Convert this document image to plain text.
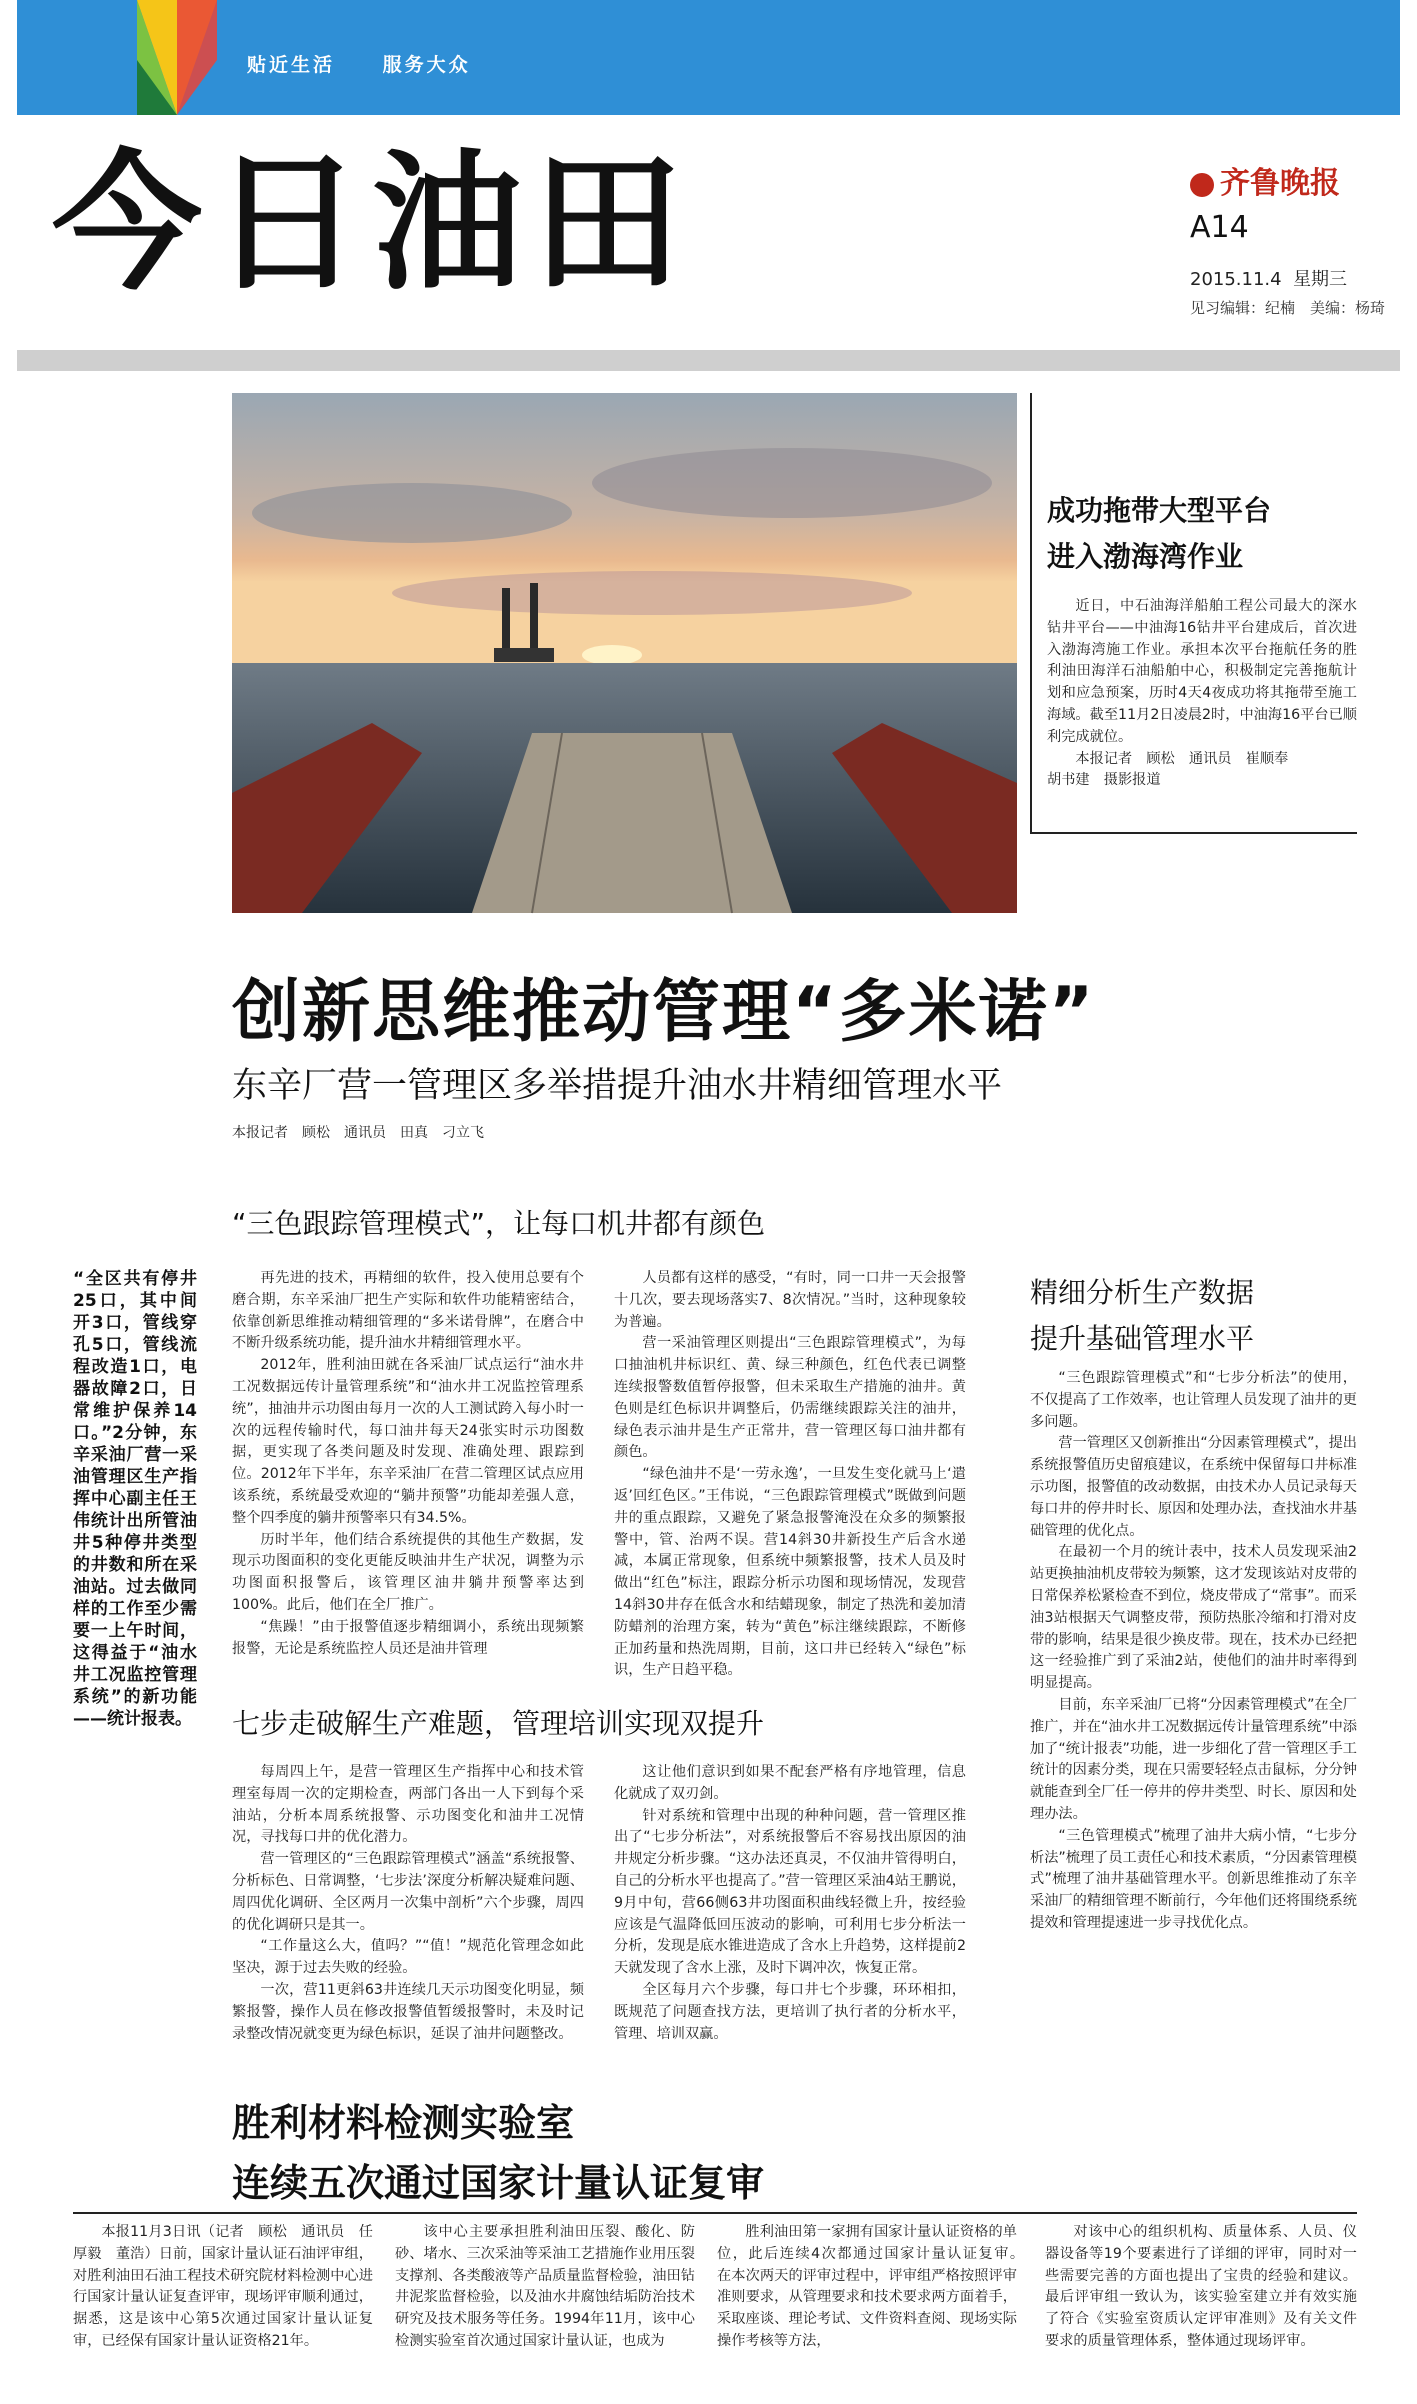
贴近生活	服务大众
今日油田	齐鲁晚报
A14
2015.11.4 星期三
见习编辑：纪楠　美编：杨琦
成功拖带大型平台
进入渤海湾作业

近日，中石油海洋船舶工程公司最大的深水钻井平台——中油海16钻井平台建成后，首次进入渤海湾施工作业。承担本次平台拖航任务的胜利油田海洋石油船舶中心，积极制定完善拖航计划和应急预案，历时4天4夜成功将其拖带至施工海域。截至11月2日凌晨2时，中油海16平台已顺利完成就位。

本报记者　顾松　通讯员　崔顺奉

胡书建　摄影报道
创新思维推动管理“多米诺”
东辛厂营一管理区多举措提升油水井精细管理水平
本报记者　顾松　通讯员　田真　刁立飞
“三色跟踪管理模式”，让每口机井都有颜色
“全区共有停井25口，其中间开3口，管线穿孔5口，管线流程改造1口，电器故障2口，日常维护保养14口。”2分钟，东辛采油厂营一采油管理区生产指挥中心副主任王伟统计出所管油井5种停井类型的井数和所在采油站。过去做同样的工作至少需要一上午时间，这得益于“油水井工况监控管理系统”的新功能——统计报表。

再先进的技术，再精细的软件，投入使用总要有个磨合期，东辛采油厂把生产实际和软件功能精密结合，依靠创新思维推动精细管理的“多米诺骨牌”，在磨合中不断升级系统功能，提升油水井精细管理水平。

2012年，胜利油田就在各采油厂试点运行“油水井工况数据远传计量管理系统”和“油水井工况监控管理系统”，抽油井示功图由每月一次的人工测试跨入每小时一次的远程传输时代，每口油井每天24张实时示功图数据，更实现了各类问题及时发现、准确处理、跟踪到位。2012年下半年，东辛采油厂在营二管理区试点应用该系统，系统最受欢迎的“躺井预警”功能却差强人意，整个四季度的躺井预警率只有34.5%。

历时半年，他们结合系统提供的其他生产数据，发现示功图面积的变化更能反映油井生产状况，调整为示功图面积报警后，该管理区油井躺井预警率达到100%。此后，他们在全厂推广。

“焦躁！”由于报警值逐步精细调小，系统出现频繁报警，无论是系统监控人员还是油井管理

人员都有这样的感受，“有时，同一口井一天会报警十几次，要去现场落实7、8次情况。”当时，这种现象较为普遍。

营一采油管理区则提出“三色跟踪管理模式”，为每口抽油机井标识红、黄、绿三种颜色，红色代表已调整连续报警数值暂停报警，但未采取生产措施的油井。黄色则是红色标识井调整后，仍需继续跟踪关注的油井，绿色表示油井是生产正常井，营一管理区每口油井都有颜色。

“绿色油井不是‘一劳永逸’，一旦发生变化就马上‘遣返’回红色区。”王伟说，“三色跟踪管理模式”既做到问题井的重点跟踪，又避免了紧急报警淹没在众多的频繁报警中，管、治两不误。营14斜30井新投生产后含水递减，本属正常现象，但系统中频繁报警，技术人员及时做出“红色”标注，跟踪分析示功图和现场情况，发现营14斜30井存在低含水和结蜡现象，制定了热洗和姜加清防蜡剂的治理方案，转为“黄色”标注继续跟踪，不断修正加药量和热洗周期，目前，这口井已经转入“绿色”标识，生产日趋平稳。

七步走破解生产难题，管理培训实现双提升

每周四上午，是营一管理区生产指挥中心和技术管理室每周一次的定期检查，两部门各出一人下到每个采油站，分析本周系统报警、示功图变化和油井工况情况，寻找每口井的优化潜力。

营一管理区的“三色跟踪管理模式”涵盖“系统报警、分析标色、日常调整，‘七步法’深度分析解决疑难问题、周四优化调研、全区两月一次集中剖析”六个步骤，周四的优化调研只是其一。

“工作量这么大，值吗？”“值！”规范化管理念如此坚决，源于过去失败的经验。

一次，营11更斜63井连续几天示功图变化明显，频繁报警，操作人员在修改报警值暂缓报警时，未及时记录整改情况就变更为绿色标识，延误了油井问题整改。

这让他们意识到如果不配套严格有序地管理，信息化就成了双刃剑。

针对系统和管理中出现的种种问题，营一管理区推出了“七步分析法”，对系统报警后不容易找出原因的油井规定分析步骤。“这办法还真灵，不仅油井管得明白，自己的分析水平也提高了。”营一管理区采油4站王鹏说，9月中旬，营66侧63井功图面积曲线轻微上升，按经验应该是气温降低回压波动的影响，可利用七步分析法一分析，发现是底水锥进造成了含水上升趋势，这样提前2天就发现了含水上涨，及时下调冲次，恢复正常。

全区每月六个步骤，每口井七个步骤，环环相扣，既规范了问题查找方法，更培训了执行者的分析水平，管理、培训双赢。

精细分析生产数据
提升基础管理水平

“三色跟踪管理模式”和“七步分析法”的使用，不仅提高了工作效率，也让管理人员发现了油井的更多问题。

营一管理区又创新推出“分因素管理模式”，提出系统报警值历史留痕建议，在系统中保留每口井标准示功图，报警值的改动数据，由技术办人员记录每天每口井的停井时长、原因和处理办法，查找油水井基础管理的优化点。

在最初一个月的统计表中，技术人员发现采油2站更换抽油机皮带较为频繁，这才发现该站对皮带的日常保养松紧检查不到位，烧皮带成了“常事”。而采油3站根据天气调整皮带，预防热胀冷缩和打滑对皮带的影响，结果是很少换皮带。现在，技术办已经把这一经验推广到了采油2站，使他们的油井时率得到明显提高。

目前，东辛采油厂已将“分因素管理模式”在全厂推广，并在“油水井工况数据远传计量管理系统”中添加了“统计报表”功能，进一步细化了营一管理区手工统计的因素分类，现在只需要轻轻点击鼠标，分分钟就能查到全厂任一停井的停井类型、时长、原因和处理办法。

“三色管理模式”梳理了油井大病小情，“七步分析法”梳理了员工责任心和技术素质，“分因素管理模式”梳理了油井基础管理水平。创新思维推动了东辛采油厂的精细管理不断前行，今年他们还将围绕系统提效和管理提速进一步寻找优化点。

胜利材料检测实验室
连续五次通过国家计量认证复审

本报11月3日讯（记者　顾松　通讯员　任厚毅　董浩）日前，国家计量认证石油评审组，对胜利油田石油工程技术研究院材料检测中心进行国家计量认证复查评审，现场评审顺利通过，据悉，这是该中心第5次通过国家计量认证复审，已经保有国家计量认证资格21年。

该中心主要承担胜利油田压裂、酸化、防砂、堵水、三次采油等采油工艺措施作业用压裂支撑剂、各类酸液等产品质量监督检验，油田钻井泥浆监督检验，以及油水井腐蚀结垢防治技术研究及技术服务等任务。1994年11月，该中心检测实验室首次通过国家计量认证，也成为

胜利油田第一家拥有国家计量认证资格的单位，此后连续4次都通过国家计量认证复审。　　在本次两天的评审过程中，评审组严格按照评审准则要求，从管理要求和技术要求两方面着手，采取座谈、理论考试、文件资料查阅、现场实际操作考核等方法，

对该中心的组织机构、质量体系、人员、仪器设备等19个要素进行了详细的评审，同时对一些需要完善的方面也提出了宝贵的经验和建议。最后评审组一致认为，该实验室建立并有效实施了符合《实验室资质认定评审准则》及有关文件要求的质量管理体系，整体通过现场评审。
